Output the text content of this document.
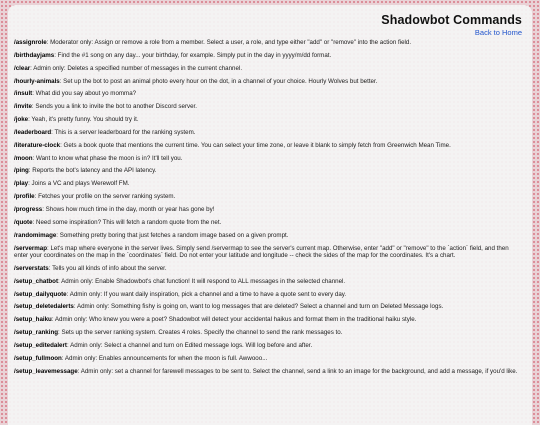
Shadowbot Commands
Back to Home
/assignrole: Moderator only: Assign or remove a role from a member. Select a user, a role, and type either "add" or "remove" into the action field.
/birthdayjams: Find the #1 song on any day... your birthday, for example. Simply put in the day in yyyy/m/dd format.
/clear: Admin only: Deletes a specified number of messages in the current channel.
/hourly-animals: Set up the bot to post an animal photo every hour on the dot, in a channel of your choice. Hourly Wolves but better.
/insult: What did you say about yo momma?
/invite: Sends you a link to invite the bot to another Discord server.
/joke: Yeah, it's pretty funny. You should try it.
/leaderboard: This is a server leaderboard for the ranking system.
/literature-clock: Gets a book quote that mentions the current time. You can select your time zone, or leave it blank to simply fetch from Greenwich Mean Time.
/moon: Want to know what phase the moon is in? It'll tell you.
/ping: Reports the bot's latency and the API latency.
/play: Joins a VC and plays Werewolf FM.
/profile: Fetches your profile on the server ranking system.
/progress: Shows how much time in the day, month or year has gone by!
/quote: Need some inspiration? This will fetch a random quote from the net.
/randomimage: Something pretty boring that just fetches a random image based on a given prompt.
/servermap: Let's map where everyone in the server lives. Simply send /servermap to see the server's current map. Otherwise, enter "add" or "remove" to the `action` field, and then enter your coordinates on the map in the `coordinates` field. Do not enter your latitude and longitude -- check the sides of the map for the coordinates. It's a chart.
/serverstats: Tells you all kinds of info about the server.
/setup_chatbot: Admin only: Enable Shadowbot's chat function! It will respond to ALL messages in the selected channel.
/setup_dailyquote: Admin only: If you want daily inspiration, pick a channel and a time to have a quote sent to every day.
/setup_deletedalerts: Admin only: Something fishy is going on, want to log messages that are deleted? Select a channel and turn on Deleted Message logs.
/setup_haiku: Admin only: Who knew you were a poet? Shadowbot will detect your accidental haikus and format them in the traditional haiku style.
/setup_ranking: Sets up the server ranking system. Creates 4 roles. Specify the channel to send the rank messages to.
/setup_editedalert: Admin only: Select a channel and turn on Edited message logs. Will log before and after.
/setup_fullmoon: Admin only: Enables announcements for when the moon is full. Awwooo...
/setup_leavemessage: Admin only: set a channel for farewell messages to be sent to. Select the channel, send a link to an image for the background, and add a message, if you'd like.
